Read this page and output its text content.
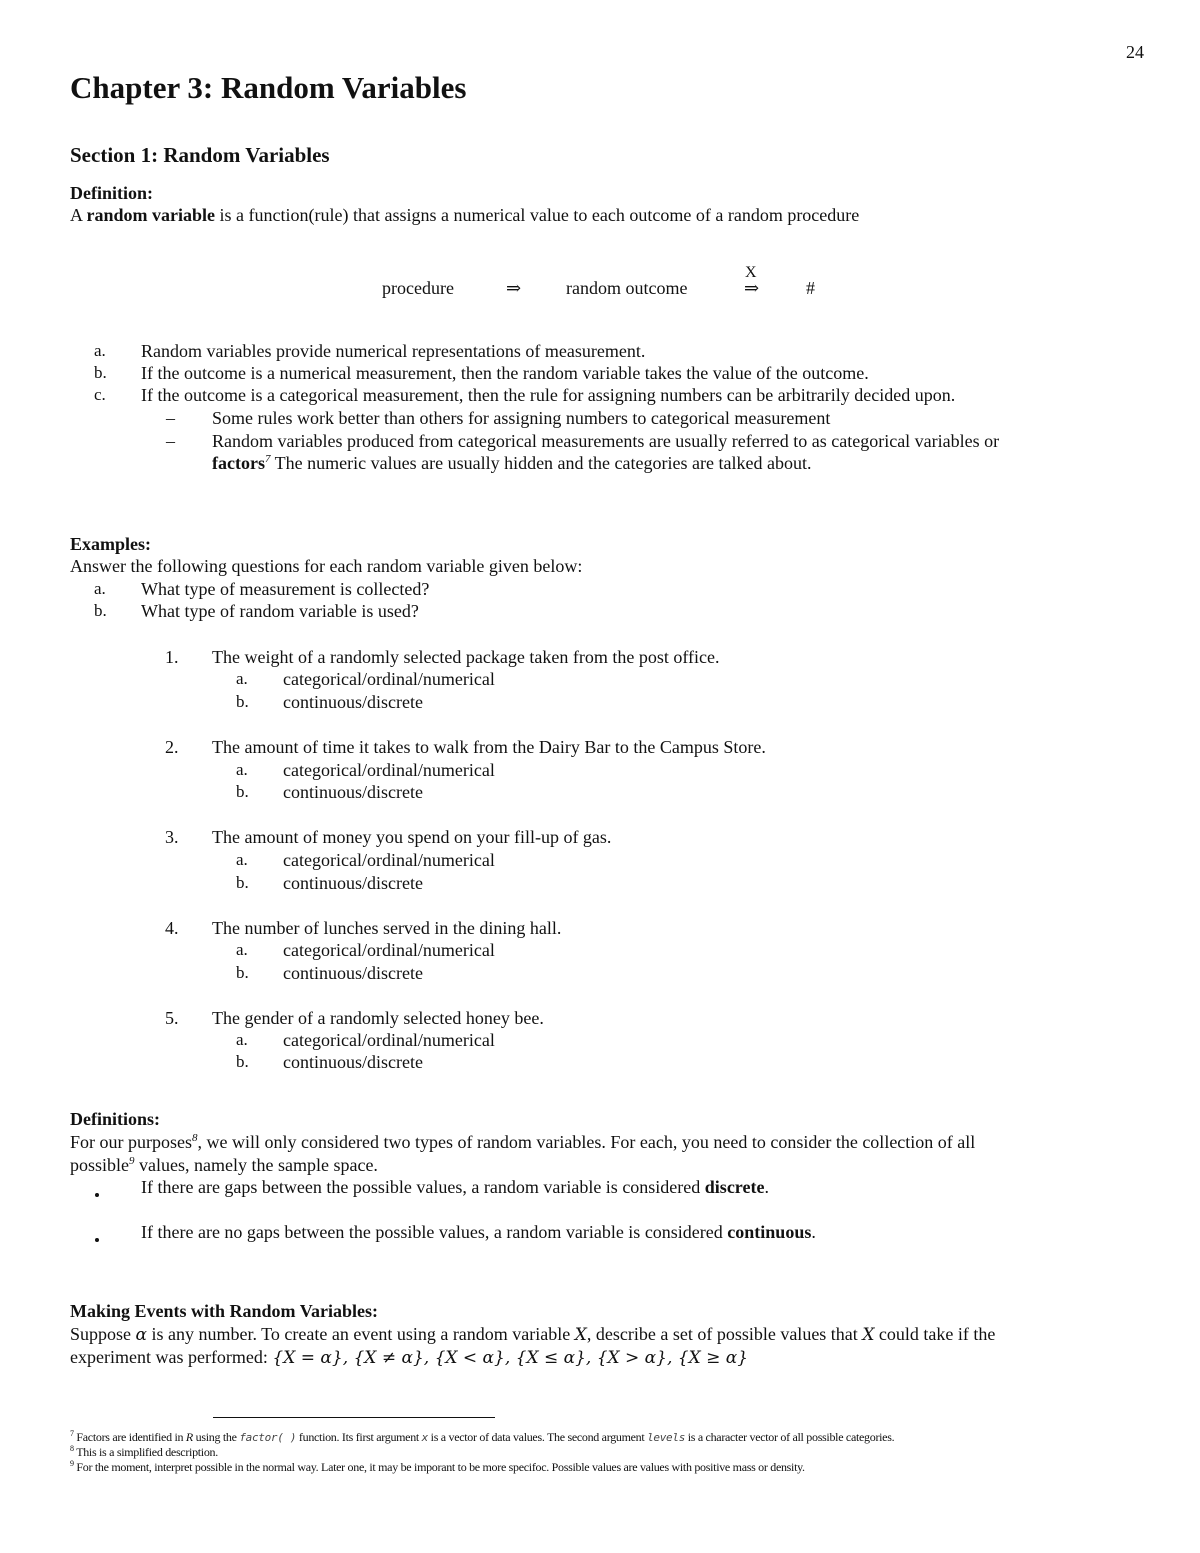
24
Chapter 3: Random Variables
Section 1: Random Variables
Definition:
A random variable is a function(rule) that assigns a numerical value to each outcome of a random procedure
procedure	⇒ random outcome
X
⇒	#
a. Random variables provide numerical representations of measurement.
b. If the outcome is a numerical measurement, then the random variable takes the value of the outcome.
c. If the outcome is a categorical measurement, then the rule for assigning numbers can be arbitrarily decided upon.
– Some rules work better than others for assigning numbers to categorical measurement
– Random variables produced from categorical measurements are usually referred to as categorical variables or
factors$^7$ The numeric values are usually hidden and the categories are talked about.
Examples:
Answer the following questions for each random variable given below:
a. What type of measurement is collected?
b. What type of random variable is used?
1. The weight of a randomly selected package taken from the post office.
a. categorical/ordinal/numerical
b. continuous/discrete
2. The amount of time it takes to walk from the Dairy Bar to the Campus Store.
a. categorical/ordinal/numerical
b. continuous/discrete
3. The amount of money you spend on your fill-up of gas.
a. categorical/ordinal/numerical
b. continuous/discrete
4. The number of lunches served in the dining hall.
a. categorical/ordinal/numerical
b. continuous/discrete
5. The gender of a randomly selected honey bee.
a. categorical/ordinal/numerical
b. continuous/discrete
Definitions:
For our purposes$^8$, we will only considered two types of random variables. For each, you need to consider the collection of all
possible$^9$ values, namely the sample space.
If there are gaps between the possible values, a random variable is considered discrete.
If there are no gaps between the possible values, a random variable is considered continuous.
Making Events with Random Variables:
Suppose α is any number. To create an event using a random variable X, describe a set of possible values that X could take if the
experiment was performed: {X = α}, {X ≠ α}, {X < α}, {X ≤ α}, {X > α}, {X ≥ α}
$^7$ Factors are identified in R using the factor( ) function. Its first argument x is a vector of data values. The second argument levels is a character vector of all possible categories.
$^8$ This is a simplified description.
$^9$ For the moment, interpret possible in the normal way. Later one, it may be imporant to be more specifoc. Possible values are values with positive mass or density.
